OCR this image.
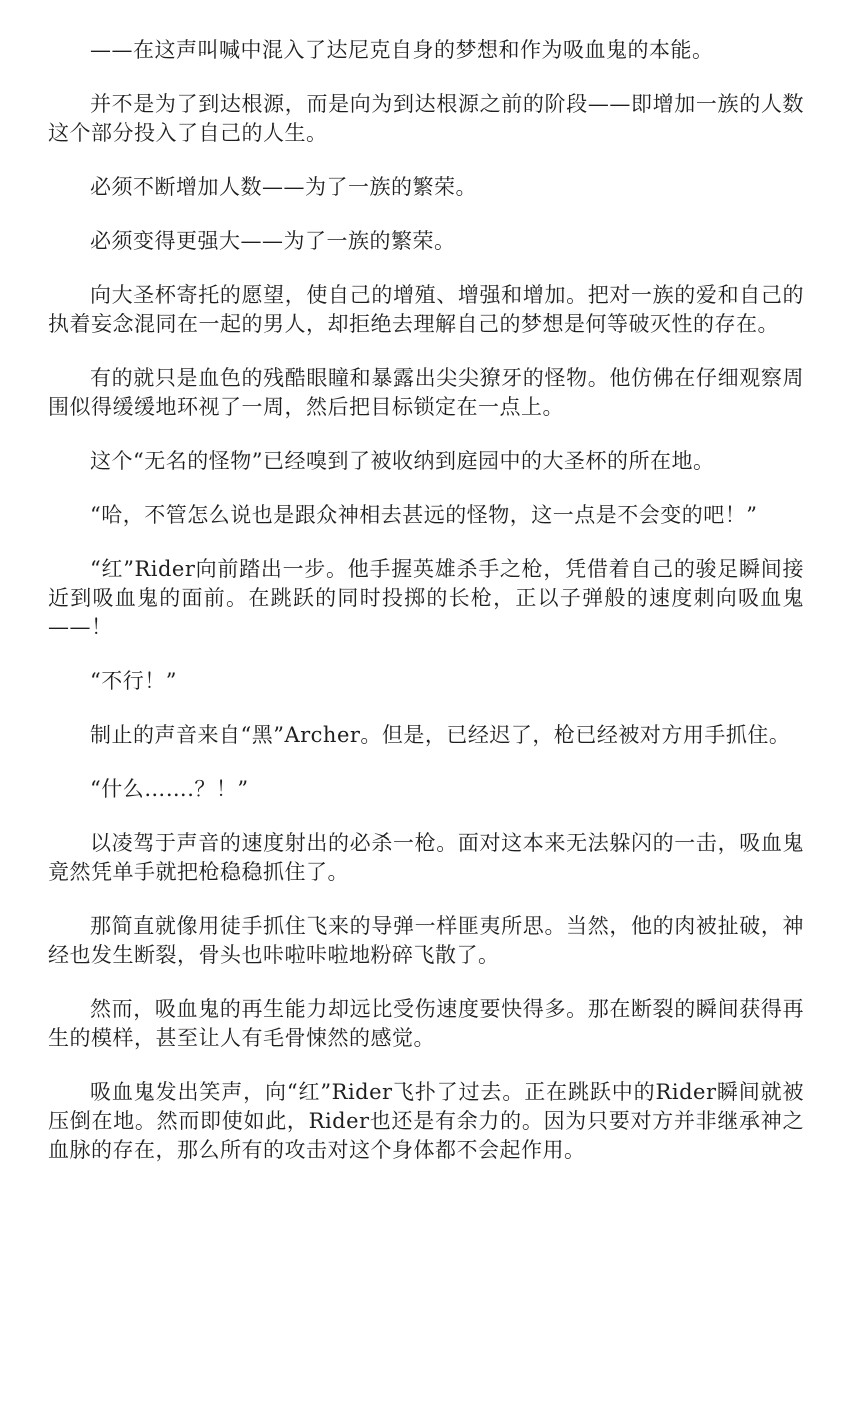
——在这声叫喊中混入了达尼克自身的梦想和作为吸血鬼的本能。

并不是为了到达根源，而是向为到达根源之前的阶段——即增加一族的人数这个部分投入了自己的人生。

必须不断增加人数——为了一族的繁荣。

必须变得更强大——为了一族的繁荣。

向大圣杯寄托的愿望，使自己的增殖、增强和增加。把对一族的爱和自己的执着妄念混同在一起的男人，却拒绝去理解自己的梦想是何等破灭性的存在。

有的就只是血色的残酷眼瞳和暴露出尖尖獠牙的怪物。他仿佛在仔细观察周围似得缓缓地环视了一周，然后把目标锁定在一点上。

这个“无名的怪物”已经嗅到了被收纳到庭园中的大圣杯的所在地。

“哈，不管怎么说也是跟众神相去甚远的怪物，这一点是不会变的吧！”

“红”Rider向前踏出一步。他手握英雄杀手之枪，凭借着自己的骏足瞬间接近到吸血鬼的面前。在跳跃的同时投掷的长枪，正以子弹般的速度刺向吸血鬼——！

“不行！”

制止的声音来自“黑”Archer。但是，已经迟了，枪已经被对方用手抓住。

“什么…….？！”

以凌驾于声音的速度射出的必杀一枪。面对这本来无法躲闪的一击，吸血鬼竟然凭单手就把枪稳稳抓住了。

那简直就像用徒手抓住飞来的导弹一样匪夷所思。当然，他的肉被扯破，神经也发生断裂，骨头也咔啦咔啦地粉碎飞散了。

然而，吸血鬼的再生能力却远比受伤速度要快得多。那在断裂的瞬间获得再生的模样，甚至让人有毛骨悚然的感觉。

吸血鬼发出笑声，向“红”Rider飞扑了过去。正在跳跃中的Rider瞬间就被压倒在地。然而即使如此，Rider也还是有余力的。因为只要对方并非继承神之血脉的存在，那么所有的攻击对这个身体都不会起作用。
